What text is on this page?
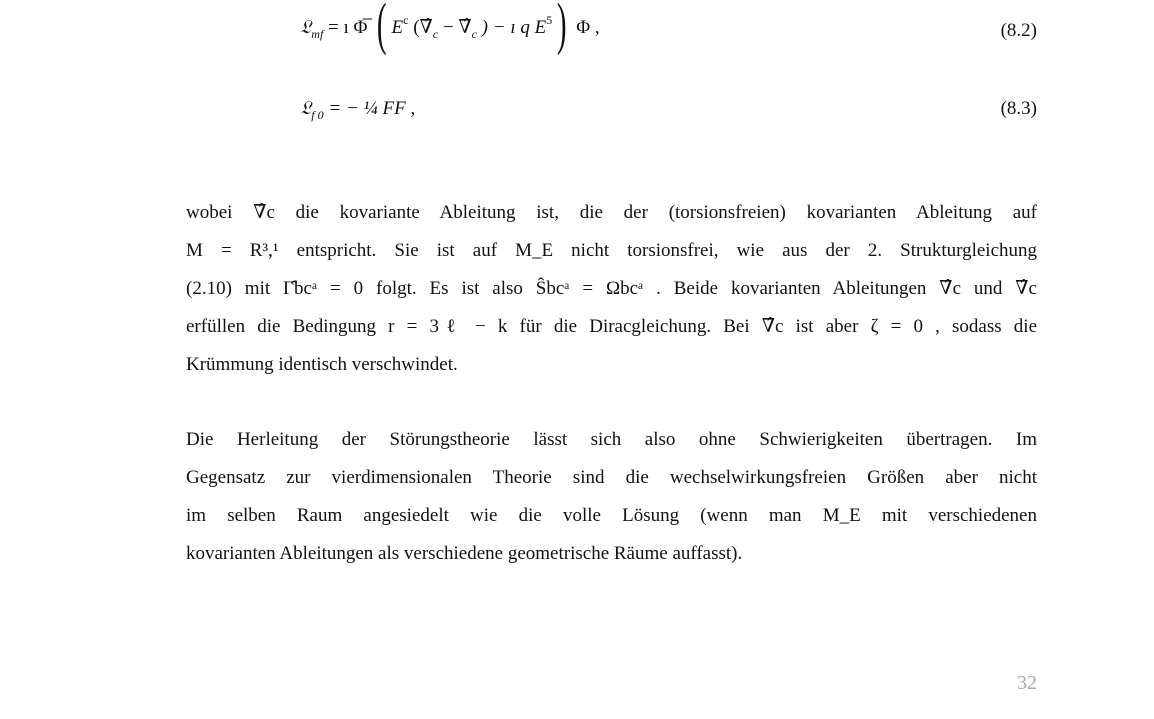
𝔏$_{mf}$ = ı Φ̅ ( $E^c$ ($\nablâ_c$ − $\nablâ_c$ ) − ı q $E^5$) Φ ,	(8.2)
𝔏$_{f 0}$ = − ¼ FF ,	(8.3)
wobei ∇̂c die kovariante Ableitung ist, die der (torsionsfreien) kovarianten Ableitung auf
M = R³,¹ entspricht. Sie ist auf M_E nicht torsionsfrei, wie aus der 2. Strukturgleichung
(2.10) mit Γ̂bcᵃ = 0 folgt. Es ist also Ŝbcᵃ = Ωbcᵃ . Beide kovarianten Ableitungen ∇̂c und ∇̂c
erfüllen die Bedingung r = 3ℓ − k für die Diracgleichung. Bei ∇̂c ist aber ζ = 0 , sodass die
Krümmung identisch verschwindet.
Die Herleitung der Störungstheorie lässt sich also ohne Schwierigkeiten übertragen. Im
Gegensatz zur vierdimensionalen Theorie sind die wechselwirkungsfreien Größen aber nicht
im selben Raum angesiedelt wie die volle Lösung (wenn man M_E mit verschiedenen
kovarianten Ableitungen als verschiedene geometrische Räume auffasst).
32
